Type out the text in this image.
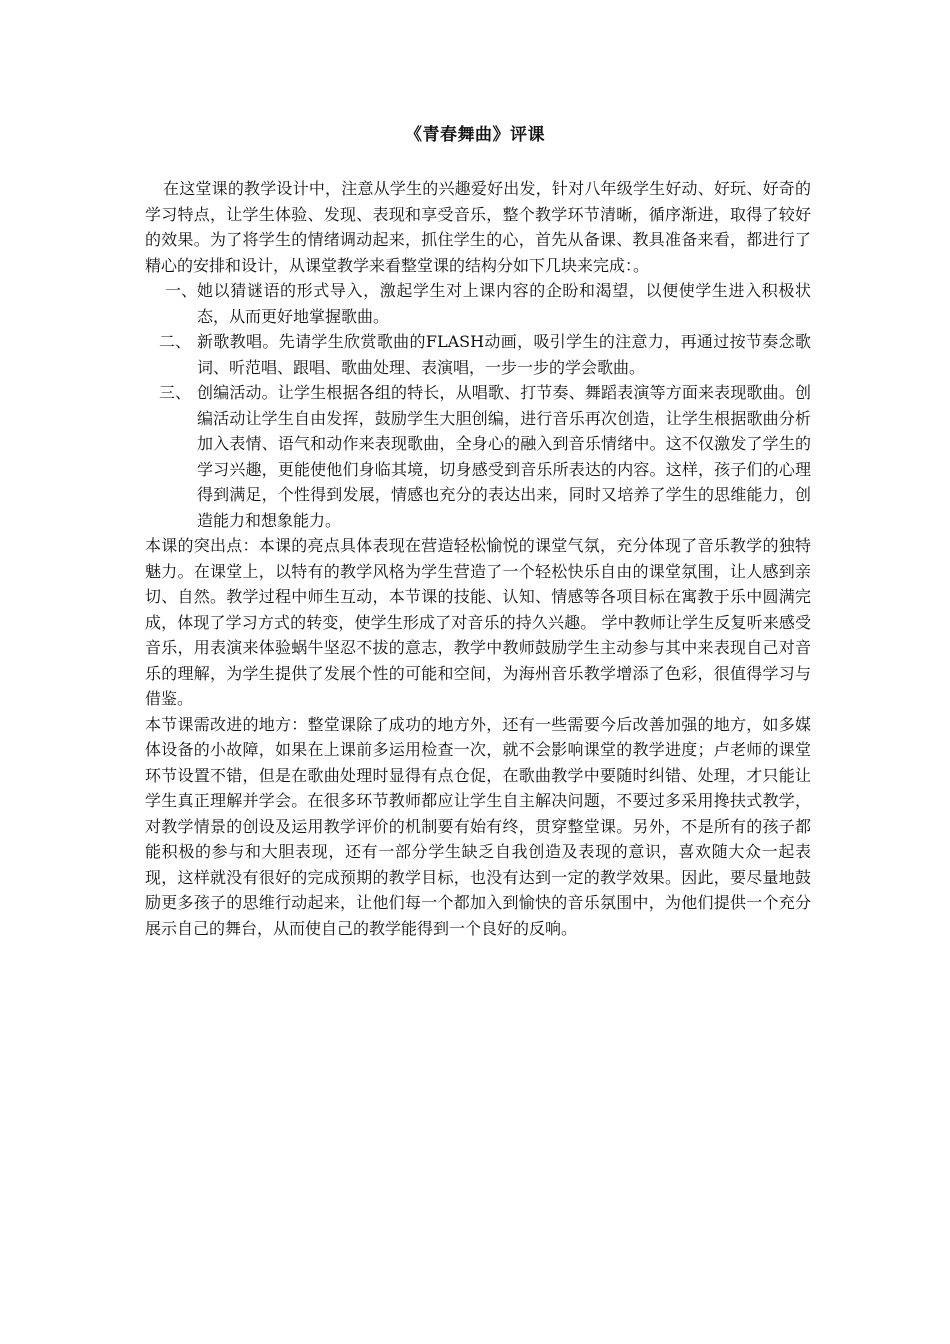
《青春舞曲》评课

在这堂课的教学设计中，注意从学生的兴趣爱好出发，针对八年级学生好动、好玩、好奇的学习特点，让学生体验、发现、表现和享受音乐，整个教学环节清晰，循序渐进，取得了较好的效果。为了将学生的情绪调动起来，抓住学生的心，首先从备课、教具准备来看，都进行了精心的安排和设计，从课堂教学来看整堂课的结构分如下几块来完成：。

一、 她以猜谜语的形式导入，激起学生对上课内容的企盼和渴望，以便使学生进入积极状态，从而更好地掌握歌曲。
二、 新歌教唱。先请学生欣赏歌曲的FLASH动画，吸引学生的注意力，再通过按节奏念歌词、听范唱、跟唱、歌曲处理、表演唱，一步一步的学会歌曲。
三、 创编活动。让学生根据各组的特长，从唱歌、打节奏、舞蹈表演等方面来表现歌曲。创编活动让学生自由发挥，鼓励学生大胆创编，进行音乐再次创造，让学生根据歌曲分析加入表情、语气和动作来表现歌曲，全身心的融入到音乐情绪中。这不仅激发了学生的学习兴趣，更能使他们身临其境，切身感受到音乐所表达的内容。这样，孩子们的心理得到满足，个性得到发展，情感也充分的表达出来，同时又培养了学生的思维能力，创造能力和想象能力。

本课的突出点：本课的亮点具体表现在营造轻松愉悦的课堂气氛，充分体现了音乐教学的独特魅力。在课堂上，以特有的教学风格为学生营造了一个轻松快乐自由的课堂氛围，让人感到亲切、自然。教学过程中师生互动，本节课的技能、认知、情感等各项目标在寓教于乐中圆满完成，体现了学习方式的转变，使学生形成了对音乐的持久兴趣。 学中教师让学生反复听来感受音乐，用表演来体验蜗牛坚忍不拔的意志，教学中教师鼓励学生主动参与其中来表现自己对音乐的理解，为学生提供了发展个性的可能和空间，为海州音乐教学增添了色彩，很值得学习与借鉴。

本节课需改进的地方：整堂课除了成功的地方外，还有一些需要今后改善加强的地方，如多媒体设备的小故障，如果在上课前多运用检查一次，就不会影响课堂的教学进度；卢老师的课堂环节设置不错，但是在歌曲处理时显得有点仓促，在歌曲教学中要随时纠错、处理，才只能让学生真正理解并学会。在很多环节教师都应让学生自主解决问题，不要过多采用搀扶式教学，对教学情景的创设及运用教学评价的机制要有始有终，贯穿整堂课。另外，不是所有的孩子都能积极的参与和大胆表现，还有一部分学生缺乏自我创造及表现的意识，喜欢随大众一起表现，这样就没有很好的完成预期的教学目标，也没有达到一定的教学效果。因此，要尽量地鼓励更多孩子的思维行动起来，让他们每一个都加入到愉快的音乐氛围中，为他们提供一个充分展示自己的舞台，从而使自己的教学能得到一个良好的反响。
